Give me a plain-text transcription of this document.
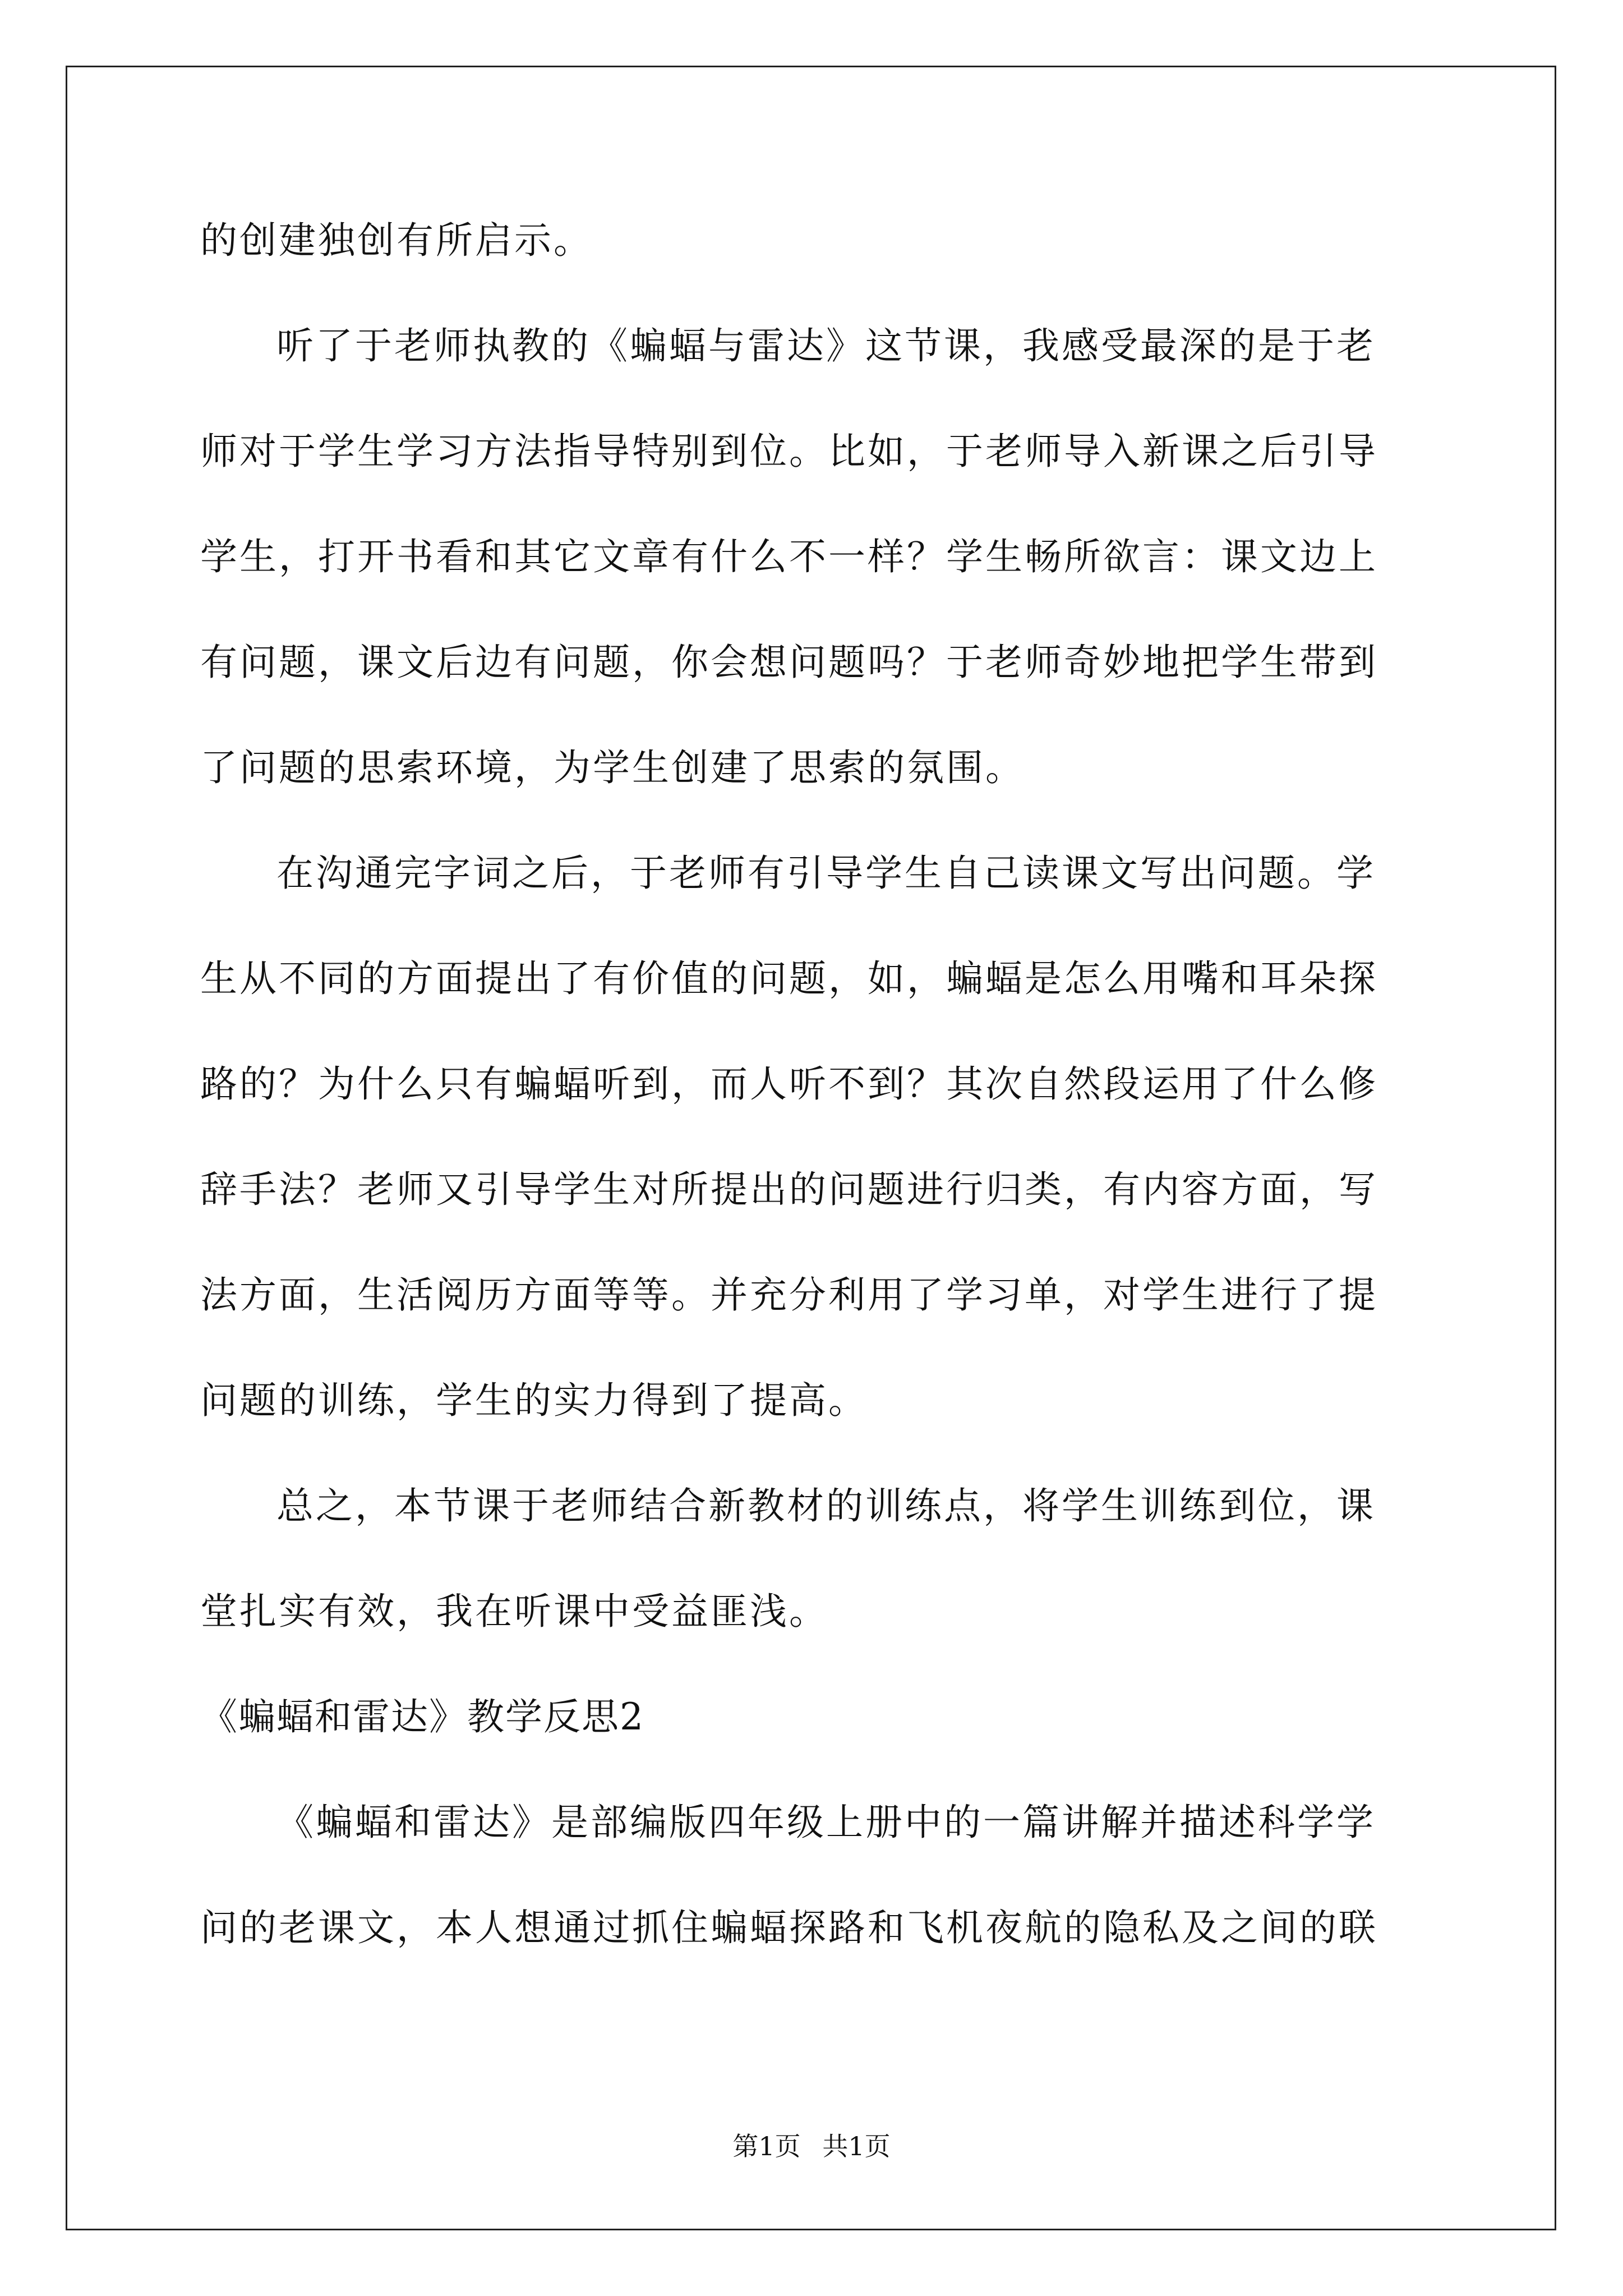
的创建独创有所启示。
听了于老师执教的《蝙蝠与雷达》这节课，我感受最深的是于老
师对于学生学习方法指导特别到位。比如，于老师导入新课之后引导
学生，打开书看和其它文章有什么不一样？学生畅所欲言：课文边上
有问题，课文后边有问题，你会想问题吗？于老师奇妙地把学生带到
了问题的思索环境，为学生创建了思索的氛围。
在沟通完字词之后，于老师有引导学生自己读课文写出问题。学
生从不同的方面提出了有价值的问题，如，蝙蝠是怎么用嘴和耳朵探
路的？为什么只有蝙蝠听到，而人听不到？其次自然段运用了什么修
辞手法？老师又引导学生对所提出的问题进行归类，有内容方面，写
法方面，生活阅历方面等等。并充分利用了学习单，对学生进行了提
问题的训练，学生的实力得到了提高。
总之，本节课于老师结合新教材的训练点，将学生训练到位，课
堂扎实有效，我在听课中受益匪浅。
《蝙蝠和雷达》教学反思2
《蝙蝠和雷达》是部编版四年级上册中的一篇讲解并描述科学学
问的老课文，本人想通过抓住蝙蝠探路和飞机夜航的隐私及之间的联
第1页 共1页
